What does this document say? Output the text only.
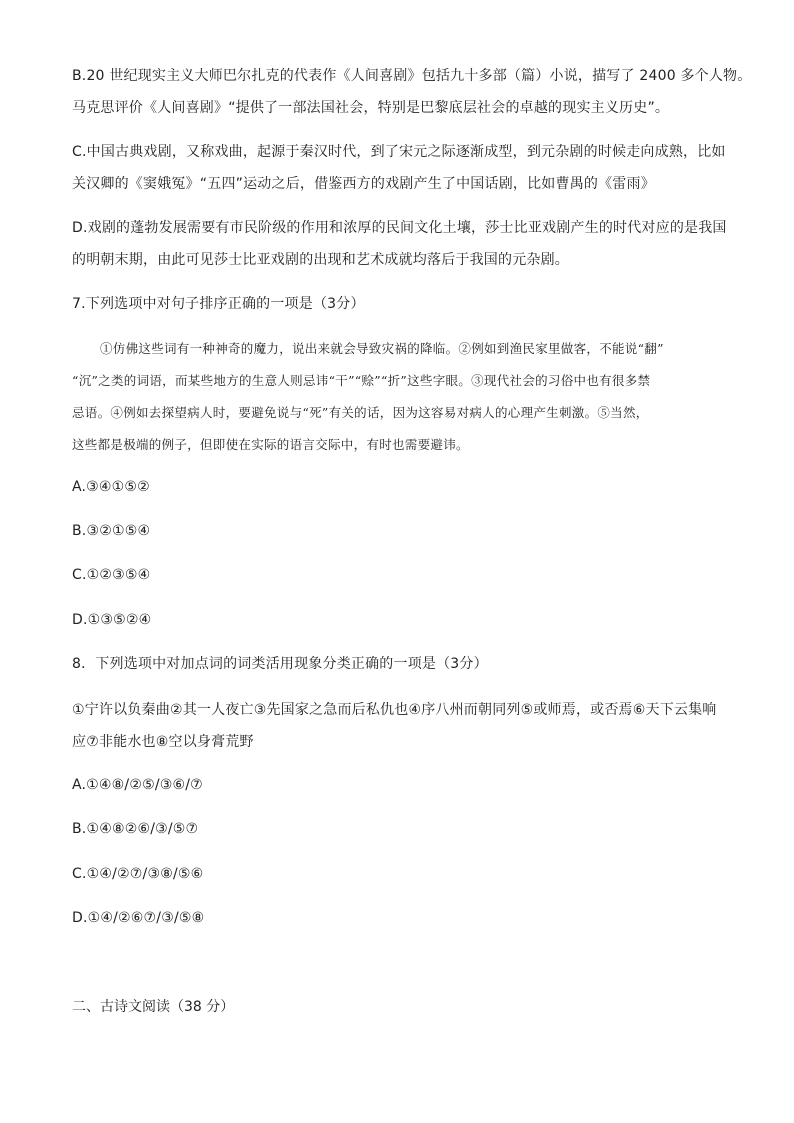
B.20 世纪现实主义大师巴尔扎克的代表作《人间喜剧》包括九十多部（篇）小说，描写了 2400 多个人物。
马克思评价《人间喜剧》“提供了一部法国社会，特别是巴黎底层社会的卓越的现实主义历史”。
C.中国古典戏剧，又称戏曲，起源于秦汉时代，到了宋元之际逐渐成型，到元杂剧的时候走向成熟，比如
关汉卿的《窦娥冤》“五四”运动之后，借鉴西方的戏剧产生了中国话剧，比如曹禺的《雷雨》
D.戏剧的蓬勃发展需要有市民阶级的作用和浓厚的民间文化土壤，莎士比亚戏剧产生的时代对应的是我国
的明朝末期，由此可见莎士比亚戏剧的出现和艺术成就均落后于我国的元杂剧。
7.下列选项中对句子排序正确的一项是（3分）
①仿佛这些词有一种神奇的魔力，说出来就会导致灾祸的降临。②例如到渔民家里做客，不能说“翻”
“沉”之类的词语，而某些地方的生意人则忌讳“干”“赊”“折”这些字眼。③现代社会的习俗中也有很多禁
忌语。④例如去探望病人时，要避免说与“死”有关的话，因为这容易对病人的心理产生刺激。⑤当然，
这些都是极端的例子，但即使在实际的语言交际中，有时也需要避讳。
A.③④①⑤②
B.③②①⑤④
C.①②③⑤④
D.①③⑤②④
8．下列选项中对加点词的词类活用现象分类正确的一项是（3分）
①宁许以负秦曲②其一人夜亡③先国家之急而后私仇也④序八州而朝同列⑤或师焉，或否焉⑥天下云集响
应⑦非能水也⑧空以身膏荒野
A.①④⑧/②⑤/③⑥/⑦
B.①④⑧②⑥/③/⑤⑦
C.①④/②⑦/③⑧/⑤⑥
D.①④/②⑥⑦/③/⑤⑧
二、古诗文阅读（38 分）
